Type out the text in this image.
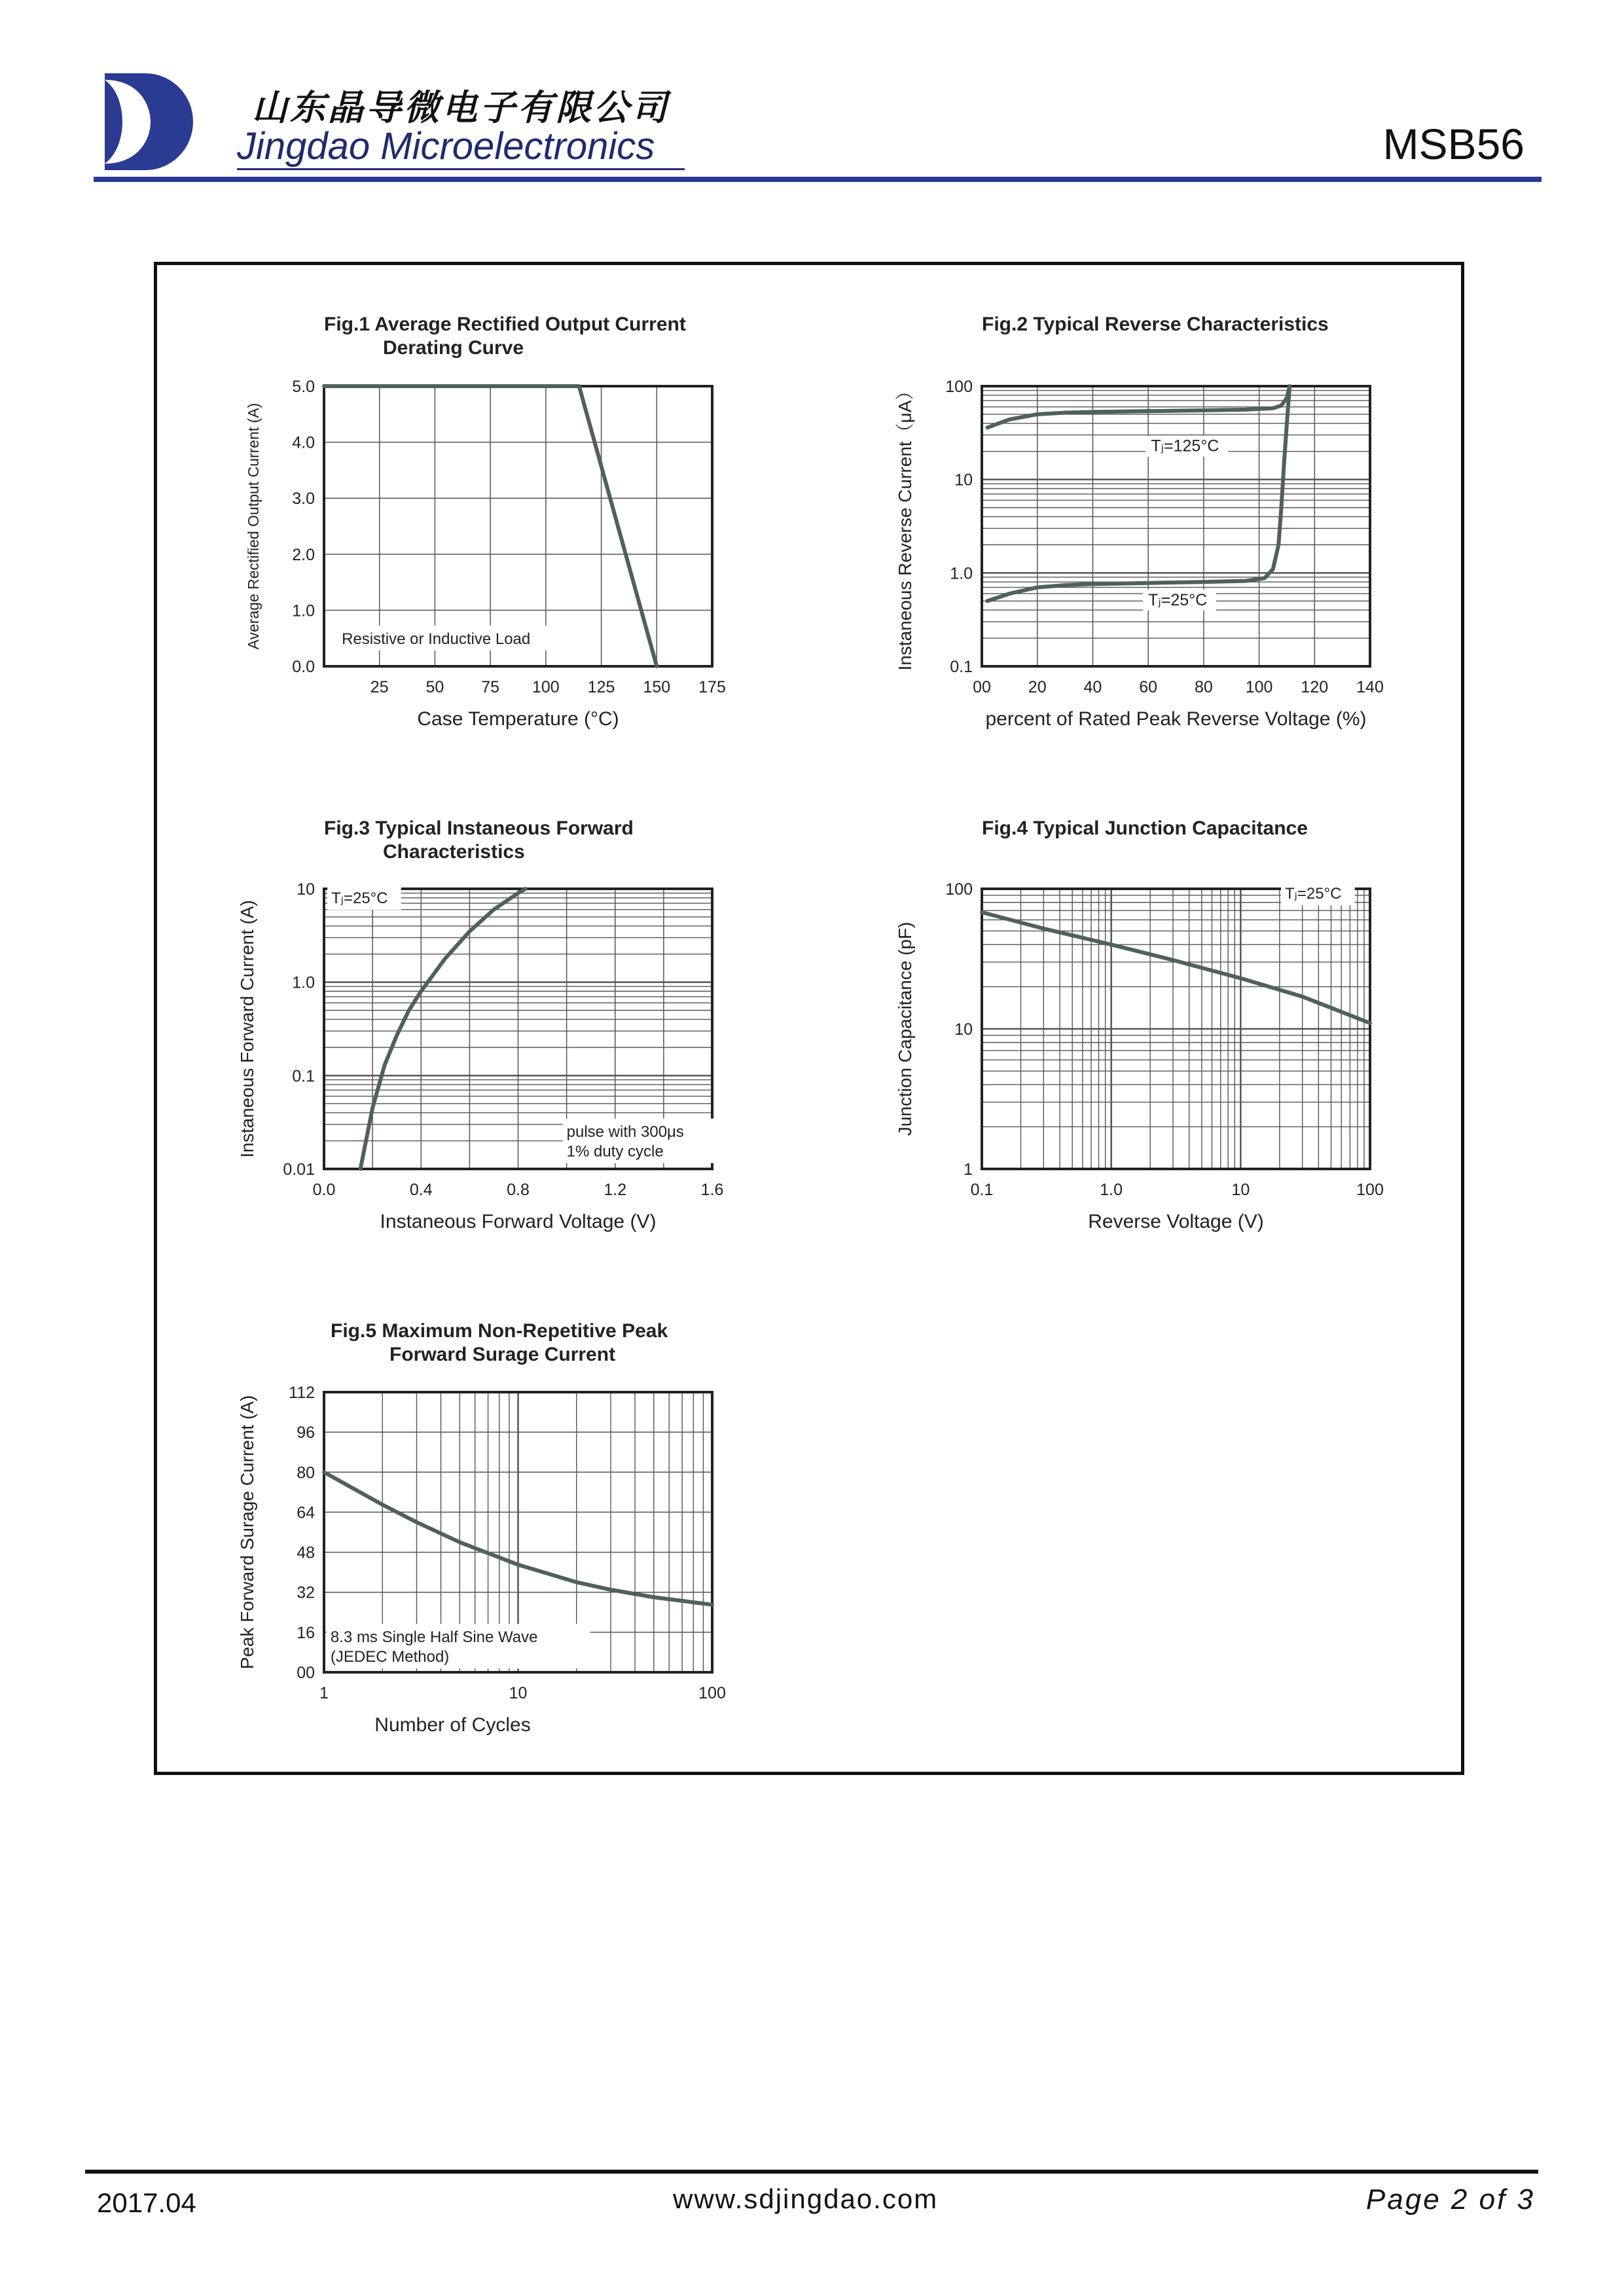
山东晶导微电子有限公司
Jingdao Microelectronics	MSB56
Resistive or Inductive Load
25 50 75 100 125 150 175
0.0
1.0
2.0
3.0
4.0
5.0
Case Temperature (°C)
Average Rectified Output Current (A)
Fig.1 Average Rectified Output Current
Derating Curve
Tⱼ=125°C
Tⱼ=25°C
00 20 40 60 80 100 120 140
0.1
1.0
10
100
percent of Rated Peak Reverse Voltage (%)
Instaneous Reverse Current（μA）
Fig.2 Typical Reverse Characteristics
Tⱼ=25°C
pulse with 300μs
1% duty cycle
0.0	0.4	0.8	1.2	1.6
0.01
0.1
1.0
10
Instaneous Forward Voltage (V)
Instaneous Forward Current (A)
Fig.3 Typical Instaneous Forward
Characteristics
Tⱼ=25°C
0.1	1.0	10	100
1
10
100
Reverse Voltage (V)
Junction Capacitance (pF)
Fig.4 Typical Junction Capacitance
8.3 ms Single Half Sine Wave
(JEDEC Method)
1	10	100
00
16
32
48
64
80
96
112
Number of Cycles
Peak Forward Surage Current (A)
Fig.5 Maximum Non-Repetitive Peak
Forward Surage Current
2017.04	www.sdjingdao.com	Page 2 of 3
